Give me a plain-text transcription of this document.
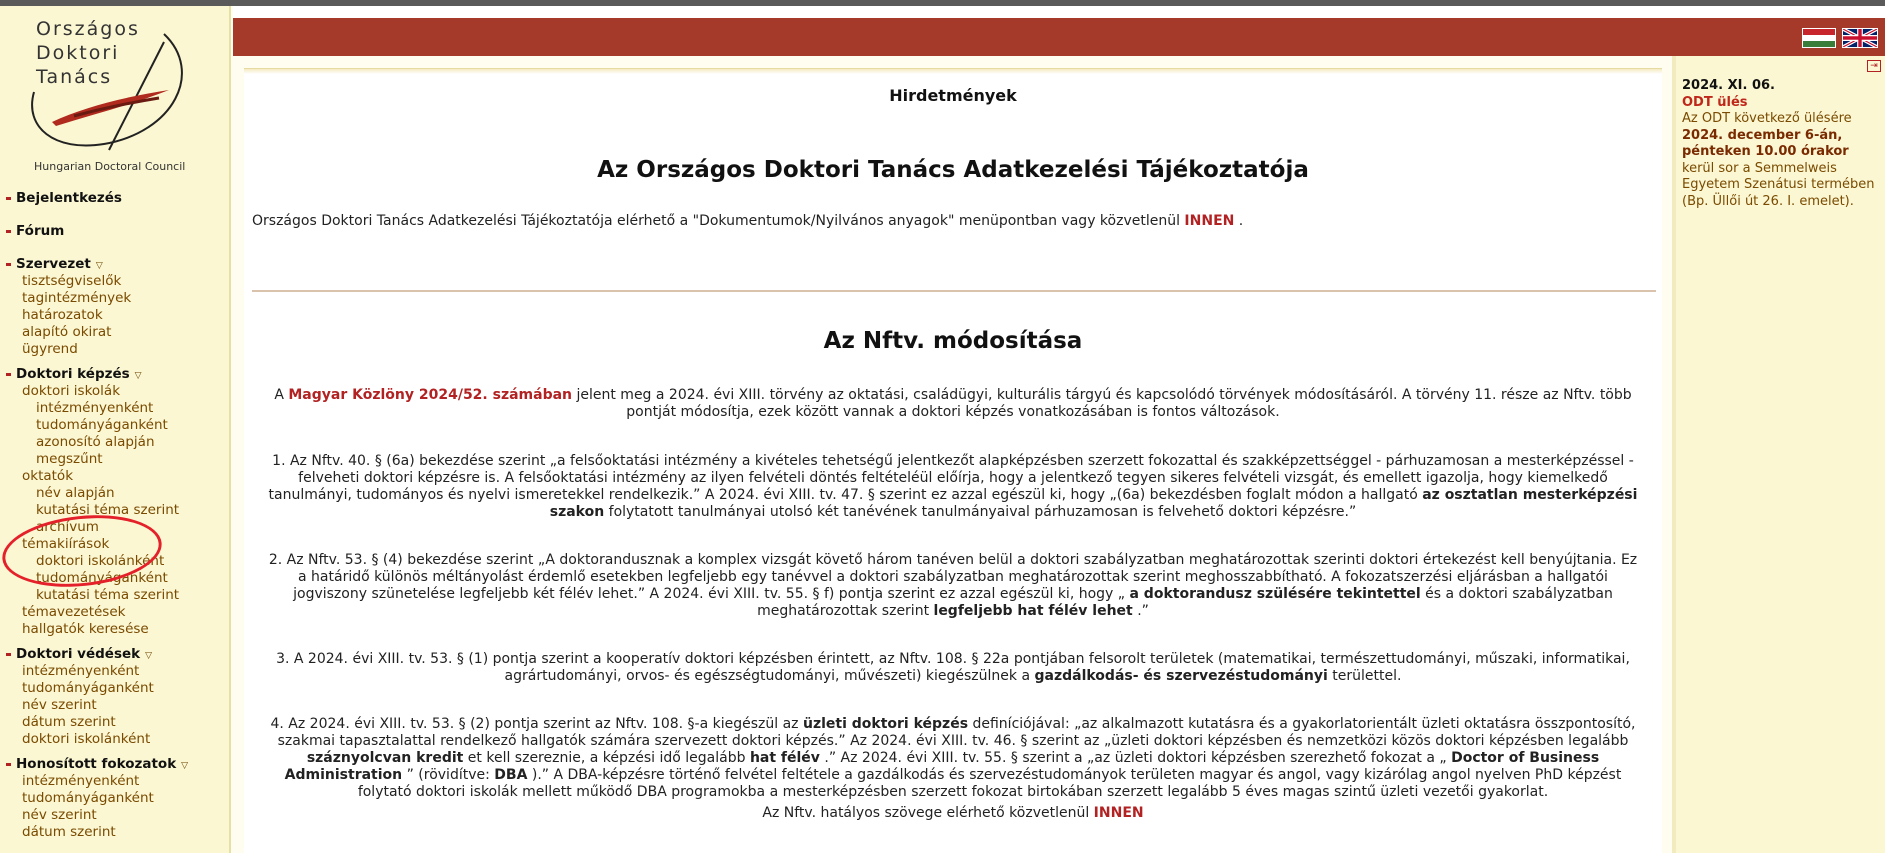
Országos
Doktori
Tanács
Hungarian Doctoral Council
Bejelentkezés
Fórum
Szervezet ▽
tisztségviselők
tagintézmények
határozatok
alapító okirat
ügyrend
Doktori képzés ▽
doktori iskolák
intézményenként
tudományáganként
azonosító alapján
megszűnt
oktatók
név alapján
kutatási téma szerint
archívum
témakiírások
doktori iskolánként
tudományáganként
kutatási téma szerint
témavezetések
hallgatók keresése
Doktori védések ▽
intézményenként
tudományáganként
név szerint
dátum szerint
doktori iskolánként
Honosított fokozatok ▽
intézményenként
tudományáganként
név szerint
dátum szerint
Hirdetmények
Az Országos Doktori Tanács Adatkezelési Tájékoztatója

Országos Doktori Tanács Adatkezelési Tájékoztatója elérhető a "Dokumentumok/Nyilvános anyagok" menüpontban vagy közvetlenül INNEN .

Az Nftv. módosítása

A Magyar Közlöny 2024/52. számában jelent meg a 2024. évi XIII. törvény az oktatási, családügyi, kulturális tárgyú és kapcsolódó törvények módosításáról. A törvény 11. része az Nftv. több pontját módosítja, ezek között vannak a doktori képzés vonatkozásában is fontos változások.

1. Az Nftv. 40. § (6a) bekezdése szerint „a felsőoktatási intézmény a kivételes tehetségű jelentkezőt alapképzésben szerzett fokozattal és szakképzettséggel - párhuzamosan a mesterképzéssel - felveheti doktori képzésre is. A felsőoktatási intézmény az ilyen felvételi döntés feltételéül előírja, hogy a jelentkező tegyen sikeres felvételi vizsgát, és emellett igazolja, hogy kiemelkedő tanulmányi, tudományos és nyelvi ismeretekkel rendelkezik.” A 2024. évi XIII. tv. 47. § szerint ez azzal egészül ki, hogy „(6a) bekezdésben foglalt módon a hallgató az osztatlan mesterképzési szakon folytatott tanulmányai utolsó két tanévének tanulmányaival párhuzamosan is felvehető doktori képzésre.”

2. Az Nftv. 53. § (4) bekezdése szerint „A doktorandusznak a komplex vizsgát követő három tanéven belül a doktori szabályzatban meghatározottak szerinti doktori értekezést kell benyújtania. Ez a határidő különös méltányolást érdemlő esetekben legfeljebb egy tanévvel a doktori szabályzatban meghatározottak szerint meghosszabbítható. A fokozatszerzési eljárásban a hallgatói jogviszony szünetelése legfeljebb két félév lehet.” A 2024. évi XIII. tv. 55. § f) pontja szerint ez azzal egészül ki, hogy „ a doktorandusz szülésére tekintettel és a doktori szabályzatban meghatározottak szerint legfeljebb hat félév lehet .”

3. A 2024. évi XIII. tv. 53. § (1) pontja szerint a kooperatív doktori képzésben érintett, az Nftv. 108. § 22a pontjában felsorolt területek (matematikai, természettudományi, műszaki, informatikai, agrártudományi, orvos- és egészségtudományi, művészeti) kiegészülnek a gazdálkodás- és szervezéstudományi területtel.

4. Az 2024. évi XIII. tv. 53. § (2) pontja szerint az Nftv. 108. §-a kiegészül az üzleti doktori képzés definíciójával: „az alkalmazott kutatásra és a gyakorlatorientált üzleti oktatásra összpontosító, szakmai tapasztalattal rendelkező hallgatók számára szervezett doktori képzés.” Az 2024. évi XIII. tv. 46. § szerint az „üzleti doktori képzésben és nemzetközi közös doktori képzésben legalább száznyolcvan kredit et kell szereznie, a képzési idő legalább hat félév .” Az 2024. évi XIII. tv. 55. § szerint a „az üzleti doktori képzésben szerezhető fokozat a „ Doctor of Business Administration ” (rövidítve: DBA ).” A DBA-képzésre történő felvétel feltétele a gazdálkodás és szervezéstudományok területen magyar és angol, vagy kizárólag angol nyelven PhD képzést folytató doktori iskolák mellett működő DBA programokba a mesterképzésben szerzett fokozat birtokában szerzett legalább 5 éves magas szintű üzleti vezetői gyakorlat.

Az Nftv. hatályos szövege elérhető közvetlenül INNEN

⇥
2024. XI. 06.
ODT ülés
Az ODT következő ülésére 2024. december 6-án, pénteken 10.00 órakor kerül sor a Semmelweis Egyetem Szenátusi termében (Bp. Üllői út 26. I. emelet).
